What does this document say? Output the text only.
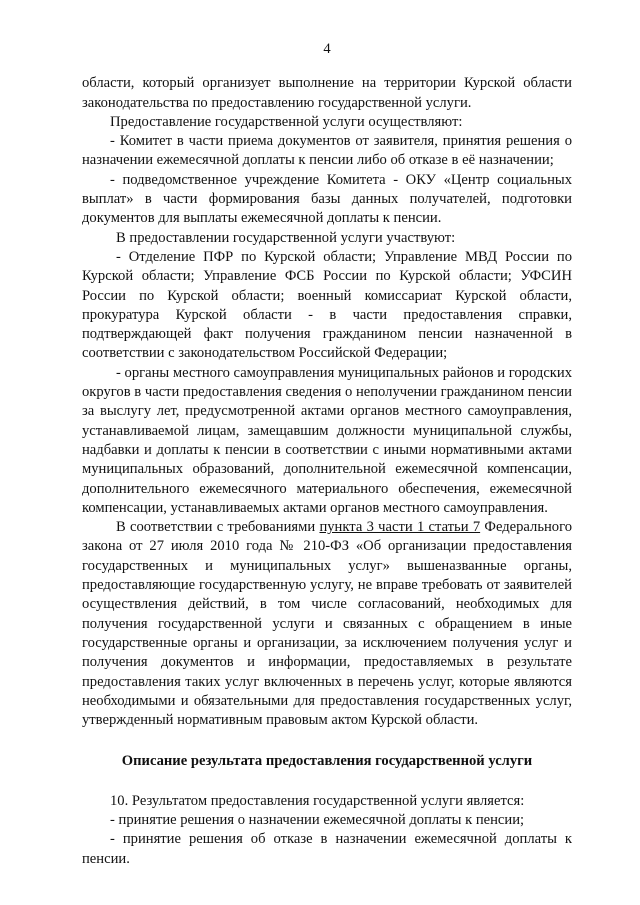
4

области, который организует выполнение на территории Курской области законодательства по предоставлению государственной услуги.

Предоставление государственной услуги осуществляют:

- Комитет в части приема документов от заявителя, принятия решения о назначении ежемесячной доплаты к пенсии либо об отказе в её назначении;

- подведомственное учреждение Комитета - ОКУ «Центр социальных выплат» в части формирования базы данных получателей, подготовки документов для выплаты ежемесячной доплаты к пенсии.

В предоставлении государственной услуги участвуют:

- Отделение ПФР по Курской области; Управление МВД России по Курской области; Управление ФСБ России по Курской области; УФСИН России по Курской области; военный комиссариат Курской области, прокуратура Курской области - в части предоставления справки, подтверждающей факт получения гражданином пенсии назначенной в соответствии с законодательством Российской Федерации;

- органы местного самоуправления муниципальных районов и городских округов в части предоставления сведения о неполучении гражданином пенсии за выслугу лет, предусмотренной актами органов местного самоуправления, устанавливаемой лицам, замещавшим должности муниципальной службы, надбавки и доплаты к пенсии в соответствии с иными нормативными актами муниципальных образований, дополнительной ежемесячной компенсации, дополнительного ежемесячного материального обеспечения, ежемесячной компенсации, устанавливаемых актами органов местного самоуправления.

В соответствии с требованиями пункта 3 части 1 статьи 7 Федерального закона от 27 июля 2010 года № 210-ФЗ «Об организации предоставления государственных и муниципальных услуг» вышеназванные органы, предоставляющие государственную услугу, не вправе требовать от заявителей осуществления действий, в том числе согласований, необходимых для получения государственной услуги и связанных с обращением в иные государственные органы и организации, за исключением получения услуг и получения документов и информации, предоставляемых в результате предоставления таких услуг включенных в перечень услуг, которые являются необходимыми и обязательными для предоставления государственных услуг, утвержденный нормативным правовым актом Курской области.

Описание результата предоставления государственной услуги

10. Результатом предоставления государственной услуги является:

- принятие решения о назначении ежемесячной доплаты к пенсии;

- принятие решения об отказе в назначении ежемесячной доплаты к пенсии.
